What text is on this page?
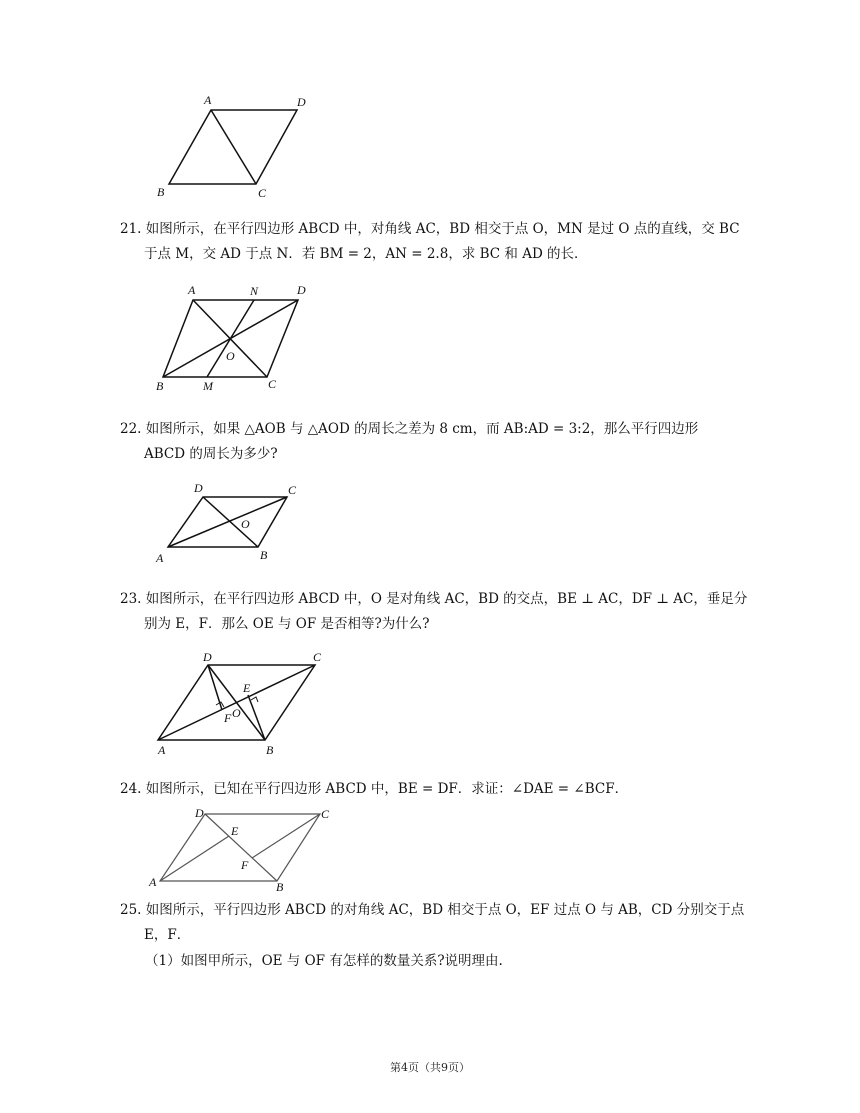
A	D
B	C
21. 如图所示，在平行四边形 ABCD 中，对角线 AC，BD 相交于点 O，MN 是过 O 点的直线，交 BC
于点 M，交 AD 于点 N．若 BM = 2，AN = 2.8，求 BC 和 AD 的长．
A	N	D
O
B	M	C
22. 如图所示，如果 △AOB 与 △AOD 的周长之差为 8 cm，而 AB:AD = 3:2，那么平行四边形
ABCD 的周长为多少?
D	C
O
A	B
23. 如图所示，在平行四边形 ABCD 中，O 是对角线 AC，BD 的交点，BE ⊥ AC，DF ⊥ AC，垂足分
别为 E，F．那么 OE 与 OF 是否相等?为什么?
D	C
E
O
F
A	B
24. 如图所示，已知在平行四边形 ABCD 中，BE = DF．求证：∠DAE = ∠BCF．
D	C
E
F
A	B
25. 如图所示，平行四边形 ABCD 的对角线 AC，BD 相交于点 O，EF 过点 O 与 AB，CD 分别交于点
E，F．
（1）如图甲所示，OE 与 OF 有怎样的数量关系?说明理由.
第4页（共9页）
